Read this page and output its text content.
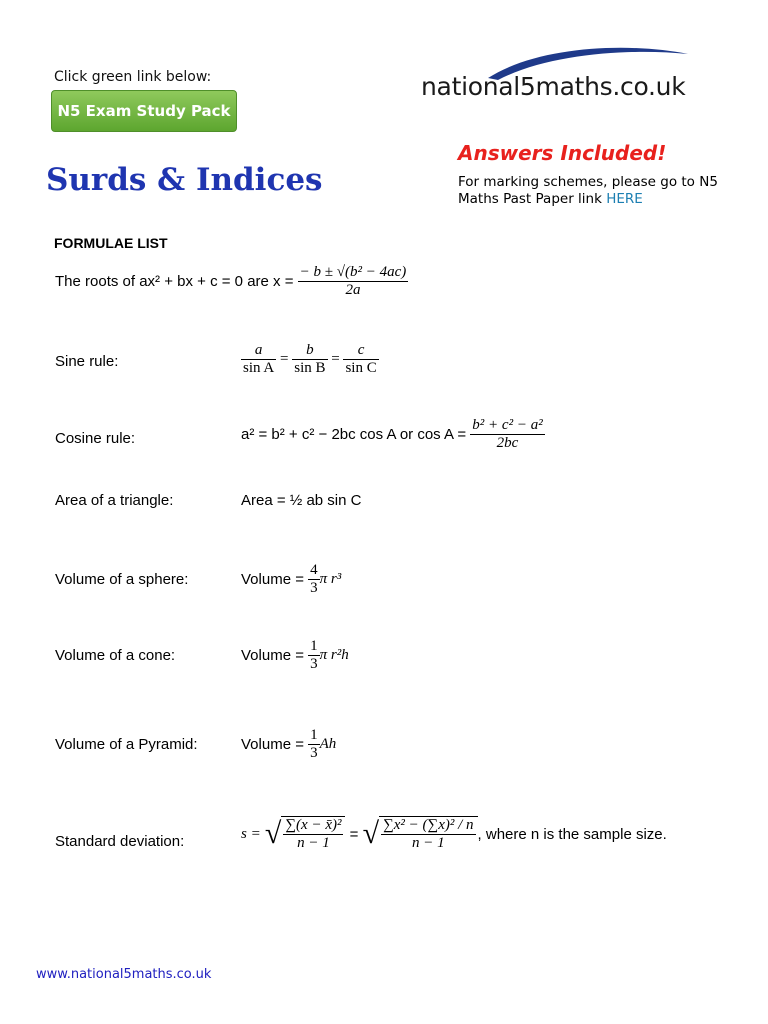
Click green link below:
N5 Exam Study Pack
national5maths.co.uk
Surds & Indices
Answers Included!
For marking schemes, please go to N5 Maths Past Paper link HERE
FORMULAE LIST
The roots of
ax² + bx + c = 0 are x =
$\frac{\text{− b ± √(b² − 4ac)}}{2a}$
Sine rule:	$\frac{a}{\text{sin A}} = \frac{b}{\text{sin B}} = \frac{c}{\text{sin C}}$
Cosine rule:	a² = b² + c² − 2bc cos A or cos A =
$\frac{\text{b² + c² − a²}}{2bc}$
Area of a triangle:	Area = ½ ab sin C
Volume of a sphere:	Volume =
$\frac{4}{3}$ π r³
Volume of a cone:	Volume =
$\frac{1}{3}$ π r²h
Volume of a Pyramid:	Volume =
$\frac{1}{3}$ Ah
Standard deviation:	s =
√ $\frac{\text{∑(x − x̄)²}}{n - 1}$ = √ $\frac{\text{∑x² − (∑x)² / n}}{n - 1}$ , where n is the sample size.
www.national5maths.co.uk
